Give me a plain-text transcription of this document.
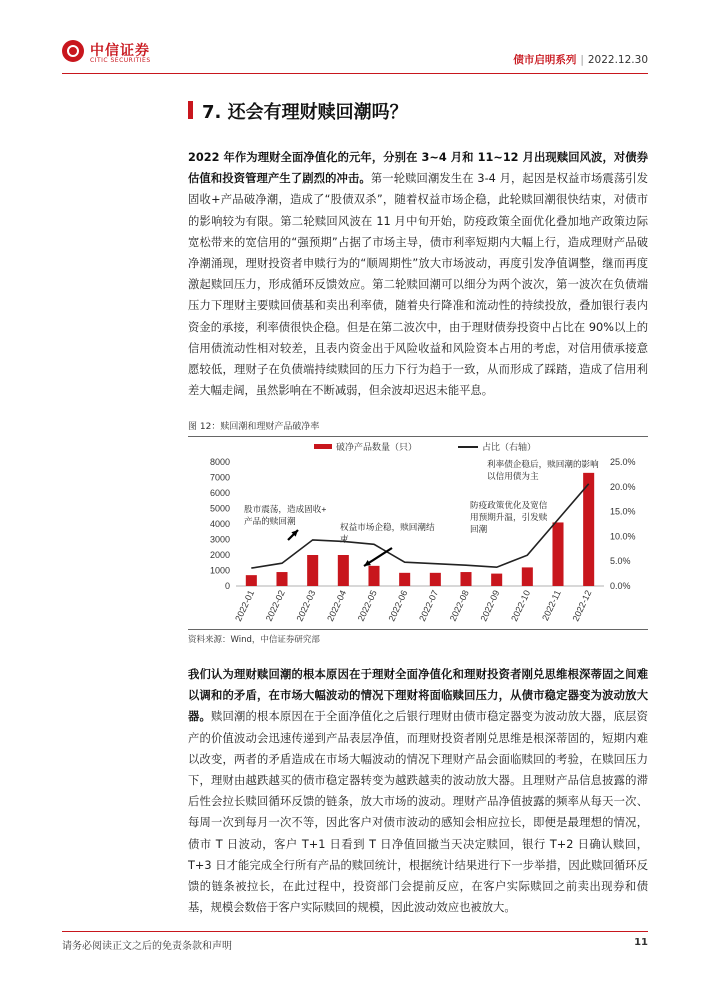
中信证券
CITIC SECURITIES	债市启明系列 | 2022.12.30
7. 还会有理财赎回潮吗？
2022 年作为理财全面净值化的元年，分别在 3~4 月和 11~12 月出现赎回风波，对债券估值和投资管理产生了剧烈的冲击。第一轮赎回潮发生在 3-4 月，起因是权益市场震荡引发固收+产品破净潮，造成了“股债双杀”，随着权益市场企稳，此轮赎回潮很快结束，对债市的影响较为有限。第二轮赎回风波在 11 月中旬开始，防疫政策全面优化叠加地产政策边际宽松带来的宽信用的“强预期”占据了市场主导，债市利率短期内大幅上行，造成理财产品破净潮涌现，理财投资者申赎行为的“顺周期性”放大市场波动，再度引发净值调整，继而再度激起赎回压力，形成循环反馈效应。第二轮赎回潮可以细分为两个波次，第一波次在负债端压力下理财主要赎回债基和卖出利率债，随着央行降准和流动性的持续投放，叠加银行表内资金的承接，利率债很快企稳。但是在第二波次中，由于理财债券投资中占比在 90%以上的信用债流动性相对较差，且表内资金出于风险收益和风险资本占用的考虑，对信用债承接意愿较低，理财子在负债端持续赎回的压力下行为趋于一致，从而形成了踩踏，造成了信用利差大幅走阔，虽然影响在不断减弱，但余波却迟迟未能平息。
图 12：赎回潮和理财产品破净率
0
1000
2000
3000
4000
5000
6000
7000
8000
0.0%
5.0%
10.0%
15.0%
20.0%
25.0%
2022-01 2022-02 2022-03 2022-04 2022-05 2022-06 2022-07 2022-08 2022-09 2022-10 2022-11 2022-12
破净产品数量（只）	占比（右轴）
股市震荡，造成固收+
产品的赎回潮
权益市场企稳，赎回潮结
束
防疫政策优化及宽信
用预期升温，引发赎
回潮
利率债企稳后，赎回潮的影响
以信用债为主
资料来源：Wind，中信证券研究部
我们认为理财赎回潮的根本原因在于理财全面净值化和理财投资者刚兑思维根深蒂固之间难以调和的矛盾，在市场大幅波动的情况下理财将面临赎回压力，从债市稳定器变为波动放大器。赎回潮的根本原因在于全面净值化之后银行理财由债市稳定器变为波动放大器，底层资产的价值波动会迅速传递到产品表层净值，而理财投资者刚兑思维是根深蒂固的，短期内难以改变，两者的矛盾造成在市场大幅波动的情况下理财产品会面临赎回的考验，在赎回压力下，理财由越跌越买的债市稳定器转变为越跌越卖的波动放大器。且理财产品信息披露的滞后性会拉长赎回循环反馈的链条，放大市场的波动。理财产品净值披露的频率从每天一次、每周一次到每月一次不等，因此客户对债市波动的感知会相应拉长，即便是最理想的情况，债市 T 日波动，客户 T+1 日看到 T 日净值回撤当天决定赎回，银行 T+2 日确认赎回，T+3 日才能完成全行所有产品的赎回统计，根据统计结果进行下一步举措，因此赎回循环反馈的链条被拉长，在此过程中，投资部门会提前反应，在客户实际赎回之前卖出现券和债基，规模会数倍于客户实际赎回的规模，因此波动效应也被放大。
请务必阅读正文之后的免责条款和声明	11
